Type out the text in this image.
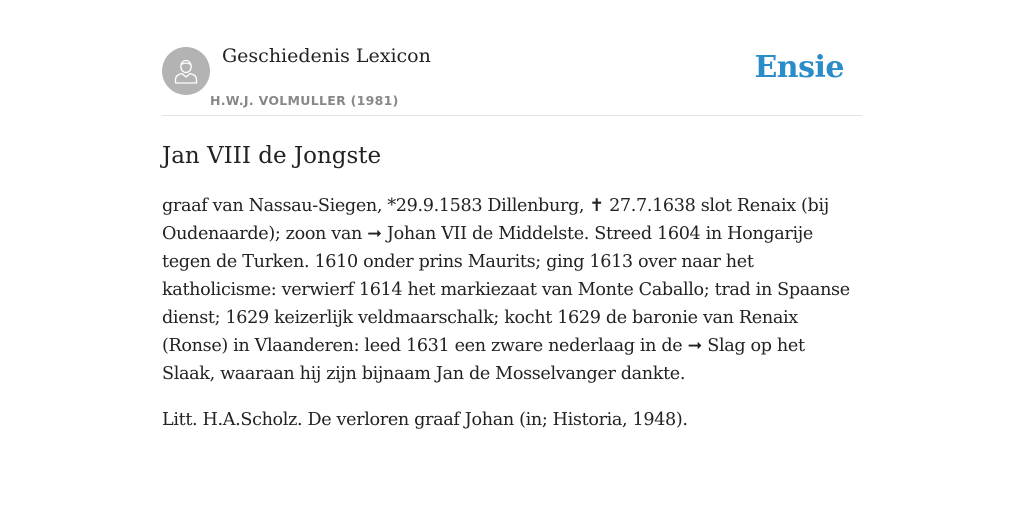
Geschiedenis Lexicon
H.W.J. VOLMULLER (1981)
Ensie
Jan VIII de Jongste

graaf van Nassau-Siegen, *29.9.1583 Dillenburg, ✝ 27.7.1638 slot Renaix (bij Oudenaarde); zoon van ➞ Johan VII de Middelste. Streed 1604 in Hongarije tegen de Turken. 1610 onder prins Maurits; ging 1613 over naar het katholicisme: verwierf 1614 het markiezaat van Monte Caballo; trad in Spaanse dienst; 1629 keizerlijk veldmaarschalk; kocht 1629 de baronie van Renaix (Ronse) in Vlaanderen: leed 1631 een zware nederlaag in de ➞ Slag op het Slaak, waaraan hij zijn bijnaam Jan de Mosselvanger dankte.

Litt. H.A.Scholz. De verloren graaf Johan (in; Historia, 1948).
